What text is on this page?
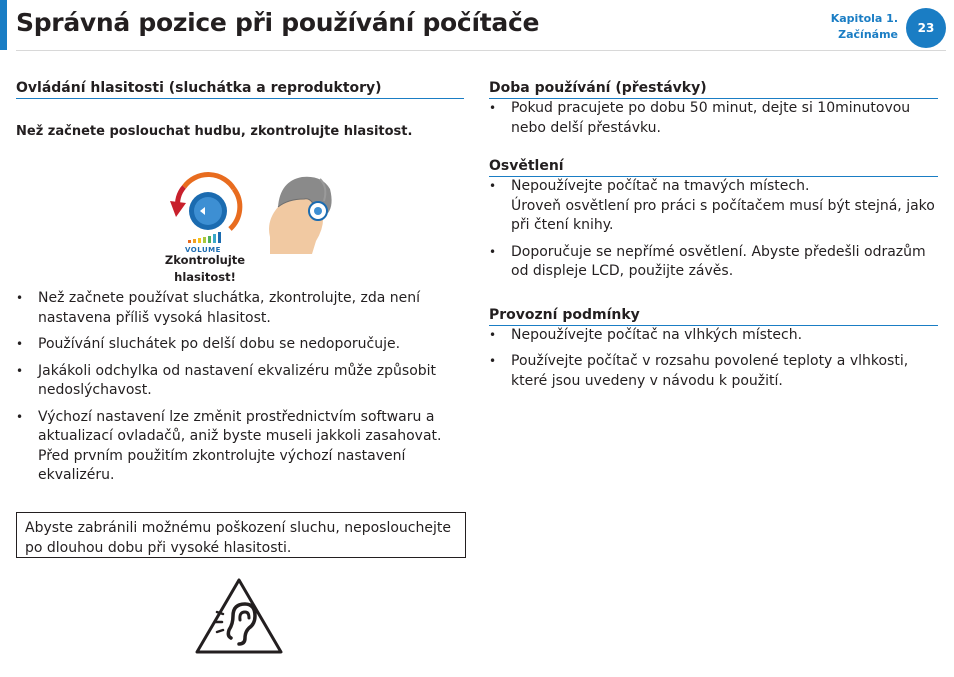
Správná pozice při používání počítače	Kapitola 1.
Začínáme	23
Ovládání hlasitosti (sluchátka a reproduktory)

Než začnete poslouchat hudbu, zkontrolujte hlasitost.

VOLUME
Zkontrolujte
hlasitost!
• Než začnete používat sluchátka, zkontrolujte, zda není nastavena příliš vysoká hlasitost.
• Používání sluchátek po delší dobu se nedoporučuje.
• Jakákoli odchylka od nastavení ekvalizéru může způsobit nedoslýchavost.
• Výchozí nastavení lze změnit prostřednictvím softwaru a aktualizací ovladačů, aniž byste museli jakkoli zasahovat. Před prvním použitím zkontrolujte výchozí nastavení ekvalizéru.
Abyste zabránili možnému poškození sluchu, neposlouchejte po dlouhou dobu při vysoké hlasitosti.
Doba používání (přestávky)
• Pokud pracujete po dobu 50 minut, dejte si 10minutovou nebo delší přestávku.
Osvětlení
• Nepoužívejte počítač na tmavých místech.
Úroveň osvětlení pro práci s počítačem musí být stejná, jako při čtení knihy.
• Doporučuje se nepřímé osvětlení. Abyste předešli odrazům od displeje LCD, použijte závěs.
Provozní podmínky
• Nepoužívejte počítač na vlhkých místech.
• Používejte počítač v rozsahu povolené teploty a vlhkosti, které jsou uvedeny v návodu k použití.
